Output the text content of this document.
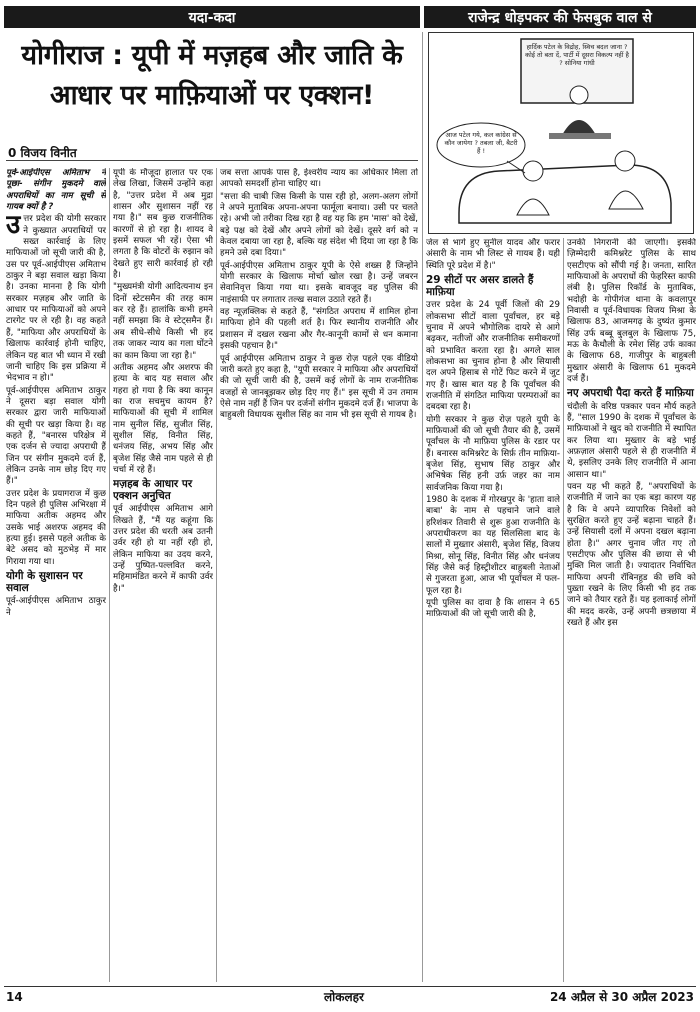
यदा-कदा	राजेन्द्र धोड़पकर की फेसबुक वाल से
योगीराज : यूपी में मज़हब और जाति के
आधार पर माफ़ियाओं पर एक्शन!
0 विजय विनीत

पूर्व-आईपीएस अमिताभ ने पूछा- संगीन मुकदमे वाले अपराधियों का नाम सूची से गायब क्यों है ?

उत्तर प्रदेश की योगी सरकार ने कुख्यात अपराधियों पर सख्त कार्रवाई के लिए माफियाओं जो सूची जारी की है, उस पर पूर्व-आईपीएस अमिताभ ठाकुर ने बड़ा सवाल खड़ा किया है। उनका मानना है कि योगी सरकार मज़हब और जाति के आधार पर माफियाओं को अपने टारगेट पर ले रही है। वह कहते हैं, "माफिया और अपराधियों के खिलाफ कार्रवाई होनी चाहिए, लेकिन यह बात भी ध्यान में रखी जानी चाहिए कि इस प्रक्रिया में भेदभाव न हो।"

पूर्व-आईपीएस अमिताभ ठाकुर ने दूसरा बड़ा सवाल योगी सरकार द्वारा जारी माफियाओं की सूची पर खड़ा किया है। वह कहते हैं, "बनारस परिक्षेत्र में एक दर्जन से ज्यादा अपराधी हैं जिन पर संगीन मुकदमे दर्ज हैं, लेकिन उनके नाम छोड़ दिए गए हैं।"

उत्तर प्रदेश के प्रयागराज में कुछ दिन पहले ही पुलिस अभिरक्षा में माफिया अतीक अहमद और उसके भाई अशरफ अहमद की हत्या हुई। इससे पहले अतीक के बेटे असद को मुठभेड़ में मार गिराया गया था।

योगी के सुशासन पर सवाल

पूर्व-आईपीएस अमिताभ ठाकुर ने

यूपी के मौजूदा हालात पर एक लेख लिखा, जिसमें उन्होंने कहा है, "उत्तर प्रदेश में अब मुद्रा शासन और सुशासन नहीं रह गया है।" सब कुछ राजनीतिक कारणों से हो रहा है। शायद वे इसमें सफल भी रहें। ऐसा भी लगता है कि वोटरों के रुझान को देखते हुए सारी कार्रवाई हो रही है।

"मुख्यमंत्री योगी आदित्यनाथ इन दिनों स्टेटसमैन की तरह काम कर रहे हैं। हालांकि कभी हमने नहीं समझा कि वे स्टेट्समैन हैं। अब सीधे-सीधे किसी भी हद तक जाकर न्याय का गला घोंटने का काम किया जा रहा है।"

अतीक अहमद और अशरफ की हत्या के बाद यह सवाल और गहरा हो गया है कि क्या कानून का राज सचमुच कायम है? माफियाओं की सूची में शामिल नाम सुनील सिंह, सुजीत सिंह, सुशील सिंह, विनीत सिंह, धनंजय सिंह, अभय सिंह और बृजेश सिंह जैसे नाम पहले से ही चर्चा में रहे हैं।

मज़हब के आधार पर एक्शन अनुचित

पूर्व आईपीएस अमिताभ आगे लिखते हैं, "मैं यह कहूंगा कि उत्तर प्रदेश की धरती अब उतनी उर्वर रही हो या नहीं रही हो, लेकिन माफिया का उदय करने, उन्हें पुष्पित-पल्लवित करने, महिमामंडित करने में काफी उर्वर है।"

जब सत्ता आपके पास है, ईश्वरीय न्याय का अधिकार मिला तो आपको समदर्शी होना चाहिए था।

"सत्ता की चाबी जिस किसी के पास रही हो, अलग-अलग लोगों ने अपने मुताबिक अपना-अपना फार्मूला बनाया। उसी पर चलते रहे। अभी जो तरीका दिख रहा है वह यह कि हम 'मास' को देखें, बड़े पक्ष को देखें और अपने लोगों को देखें। दूसरे वर्ग को न केवल दबाया जा रहा है, बल्कि यह संदेश भी दिया जा रहा है कि हमने उसे दबा दिया।"

पूर्व-आईपीएस अमिताभ ठाकुर यूपी के ऐसे शख्स हैं जिन्होंने योगी सरकार के खिलाफ मोर्चा खोल रखा है। उन्हें जबरन सेवानिवृत्त किया गया था। इसके बावजूद वह पुलिस की नाइंसाफी पर लगातार तल्ख सवाल उठाते रहते हैं।

वह न्यूज़क्लिक से कहते हैं, "संगठित अपराध में शामिल होना माफिया होने की पहली शर्त है। फिर स्थानीय राजनीति और प्रशासन में दखल रखना और गैर-कानूनी कामों से धन कमाना इसकी पहचान है।"

पूर्व आईपीएस अमिताभ ठाकुर ने कुछ रोज़ पहले एक वीडियो जारी करते हुए कहा है, "यूपी सरकार ने माफिया और अपराधियों की जो सूची जारी की है, उसमें कई लोगों के नाम राजनीतिक वजहों से जानबूझकर छोड़ दिए गए हैं।" इस सूची में उन तमाम ऐसे नाम नहीं हैं जिन पर दर्जनों संगीन मुकदमे दर्ज हैं। भाजपा के बाहुबली विधायक सुशील सिंह का नाम भी इस सूची से गायब है।

हार्दिक पटेल के विद्रोह, स्विच बदल जाना ? कोई तो बता दें, पार्टी में दूसरा विकल्प नहीं है ? सोनिया गांधी
आज पटेल गये, कल कांग्रेस से कौन जायेगा ? तबला जी, बैटरी हैं !

जेल से भागे हुए सुनील यादव और फरार अंसारी के नाम भी लिस्ट से गायब हैं। यही स्थिति पूरे प्रदेश में है।"

29 सीटों पर असर डालते हैं माफ़िया

उत्तर प्रदेश के 24 पूर्वी जिलों की 29 लोकसभा सीटों वाला पूर्वांचल, हर बड़े चुनाव में अपने भौगोलिक दायरे से आगे बढ़कर, नतीजों और राजनीतिक समीकरणों को प्रभावित करता रहा है। अगले साल लोकसभा का चुनाव होना है और सियासी दल अपने हिसाब से गोटें फिट करने में जुट गए हैं। खास बात यह है कि पूर्वांचल की राजनीति में संगठित माफिया परम्पराओं का दबदबा रहा है।

योगी सरकार ने कुछ रोज़ पहले यूपी के माफ़ियाओं की जो सूची तैयार की है, उसमें पूर्वांचल के नौ माफ़िया पुलिस के रडार पर हैं। बनारस कमिश्नरेट के सिर्फ़ तीन माफ़िया- बृजेश सिंह, सुभाष सिंह ठाकुर और अभिषेक सिंह हनी उर्फ़ जहर का नाम सार्वजनिक किया गया है।

1980 के दशक में गोरखपुर के 'हाता वाले बाबा' के नाम से पहचाने जाने वाले हरिशंकर तिवारी से शुरू हुआ राजनीति के अपराधीकरण का यह सिलसिला बाद के सालों में मुख्तार अंसारी, बृजेश सिंह, विजय मिश्रा, सोनू सिंह, विनीत सिंह और धनंजय सिंह जैसे कई हिस्ट्रीशीटर बाहुबली नेताओं से गुजरता हुआ, आज भी पूर्वांचल में फल-फूल रहा है।

यूपी पुलिस का दावा है कि शासन ने 65 माफ़ियाओं की जो सूची जारी की है,

उनकी निगरानी की जाएगी। इसकी ज़िम्मेदारी कमिश्नरेट पुलिस के साथ एसटीएफ को सौंपी गई है। जनता, सारित माफियाओं के अपराधों की फेहरिस्त काफी लंबी है। पुलिस रिकॉर्ड के मुताबिक, भदोही के गोपीगंज थाना के कवलापुर निवासी व पूर्व-विधायक विजय मिश्रा के खिलाफ 83, आजमगढ़ के दुष्यंत कुमार सिंह उर्फ बब्बू बुलबुल के खिलाफ 75, मऊ के कैथौली के रमेश सिंह उर्फ काका के खिलाफ 68, गाजीपुर के बाहुबली मुख्तार अंसारी के खिलाफ 61 मुकदमे दर्ज हैं।

नए अपराधी पैदा करते हैं माफ़िया

चंदौली के वरिष्ठ पत्रकार पवन मौर्य कहते हैं, "साल 1990 के दशक में पूर्वांचल के माफ़ियाओं ने खुद को राजनीति में स्थापित कर लिया था। मुख्तार के बड़े भाई अफ़ज़ाल अंसारी पहले से ही राजनीति में थे, इसलिए उनके लिए राजनीति में आना आसान था।"

पवन यह भी कहते हैं, "अपराधियों के राजनीति में जाने का एक बड़ा कारण यह है कि वे अपने व्यापारिक निवेशों को सुरक्षित करते हुए उन्हें बढ़ाना चाहते हैं। उन्हें सियासी दलों में अपना दखल बढ़ाना होता है।" अगर चुनाव जीत गए तो एसटीएफ और पुलिस की छाया से भी मुक्ति मिल जाती है। ज्यादातर निर्वाचित माफिया अपनी रॉबिनहुड की छवि को पुख़्ता रखने के लिए किसी भी हद तक जाने को तैयार रहते हैं। यह इलाकाई लोगों की मदद करके, उन्हें अपनी छत्रछाया में रखते हैं और इस

14	लोकलहर	24 अप्रैल से 30 अप्रैल 2023
